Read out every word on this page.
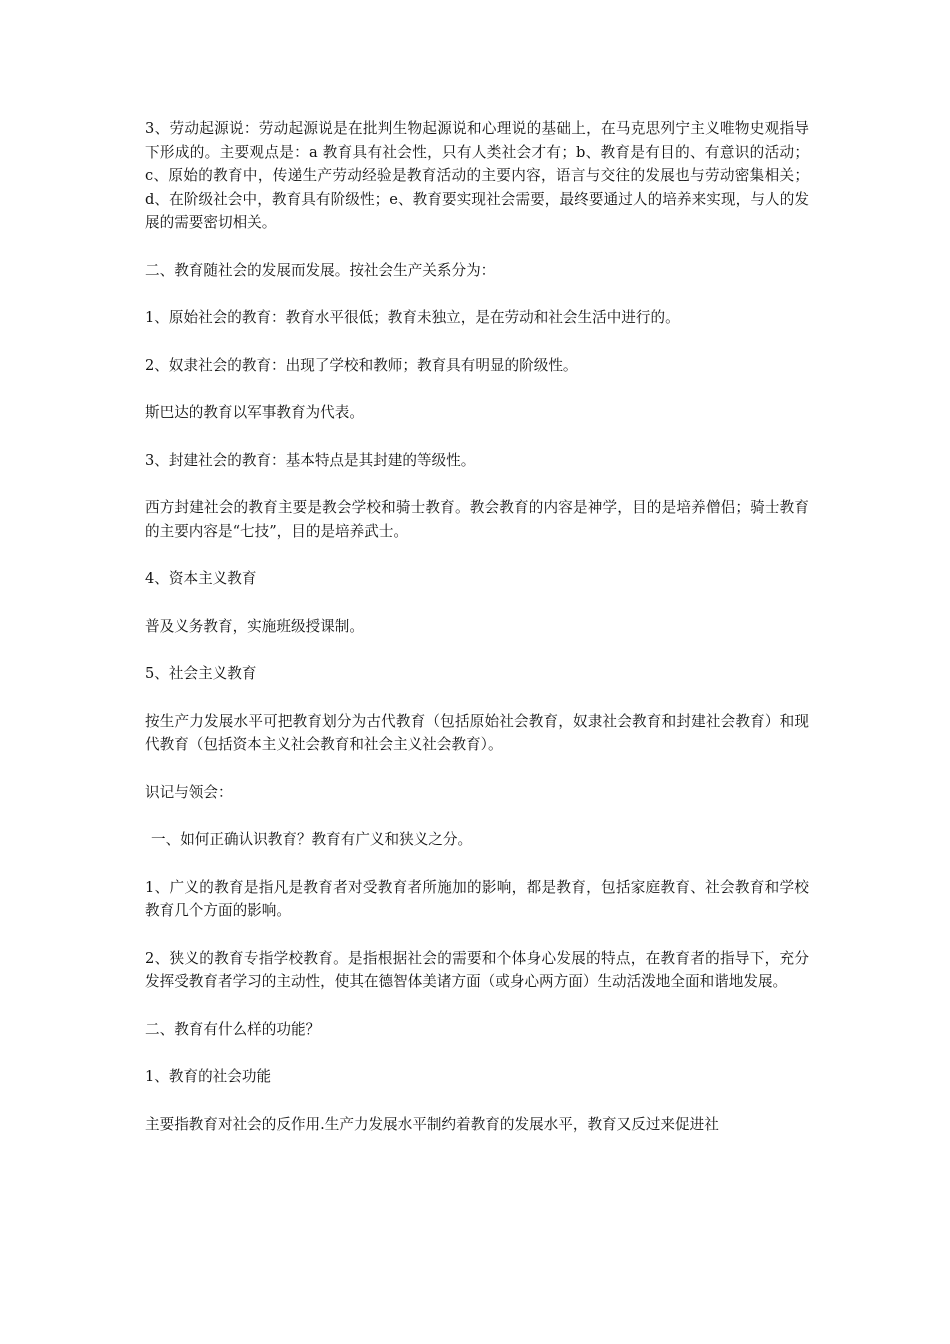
3、劳动起源说：劳动起源说是在批判生物起源说和心理说的基础上，在马克思列宁主义唯物史观指导下形成的。主要观点是：a 教育具有社会性，只有人类社会才有；b、教育是有目的、有意识的活动；c、原始的教育中，传递生产劳动经验是教育活动的主要内容，语言与交往的发展也与劳动密集相关；d、在阶级社会中，教育具有阶级性；e、教育要实现社会需要，最终要通过人的培养来实现，与人的发展的需要密切相关。

二、教育随社会的发展而发展。按社会生产关系分为：

1、原始社会的教育：教育水平很低；教育未独立，是在劳动和社会生活中进行的。

2、奴隶社会的教育：出现了学校和教师；教育具有明显的阶级性。

斯巴达的教育以军事教育为代表。

3、封建社会的教育：基本特点是其封建的等级性。

西方封建社会的教育主要是教会学校和骑士教育。教会教育的内容是神学，目的是培养僧侣；骑士教育的主要内容是“七技”，目的是培养武士。

4、资本主义教育

普及义务教育，实施班级授课制。

5、社会主义教育

按生产力发展水平可把教育划分为古代教育（包括原始社会教育，奴隶社会教育和封建社会教育）和现代教育（包括资本主义社会教育和社会主义社会教育）。

识记与领会：

一、如何正确认识教育？教育有广义和狭义之分。

1、广义的教育是指凡是教育者对受教育者所施加的影响，都是教育，包括家庭教育、社会教育和学校教育几个方面的影响。

2、狭义的教育专指学校教育。是指根据社会的需要和个体身心发展的特点，在教育者的指导下，充分发挥受教育者学习的主动性，使其在德智体美诸方面（或身心两方面）生动活泼地全面和谐地发展。

二、教育有什么样的功能？

1、教育的社会功能

主要指教育对社会的反作用.生产力发展水平制约着教育的发展水平，教育又反过来促进社
